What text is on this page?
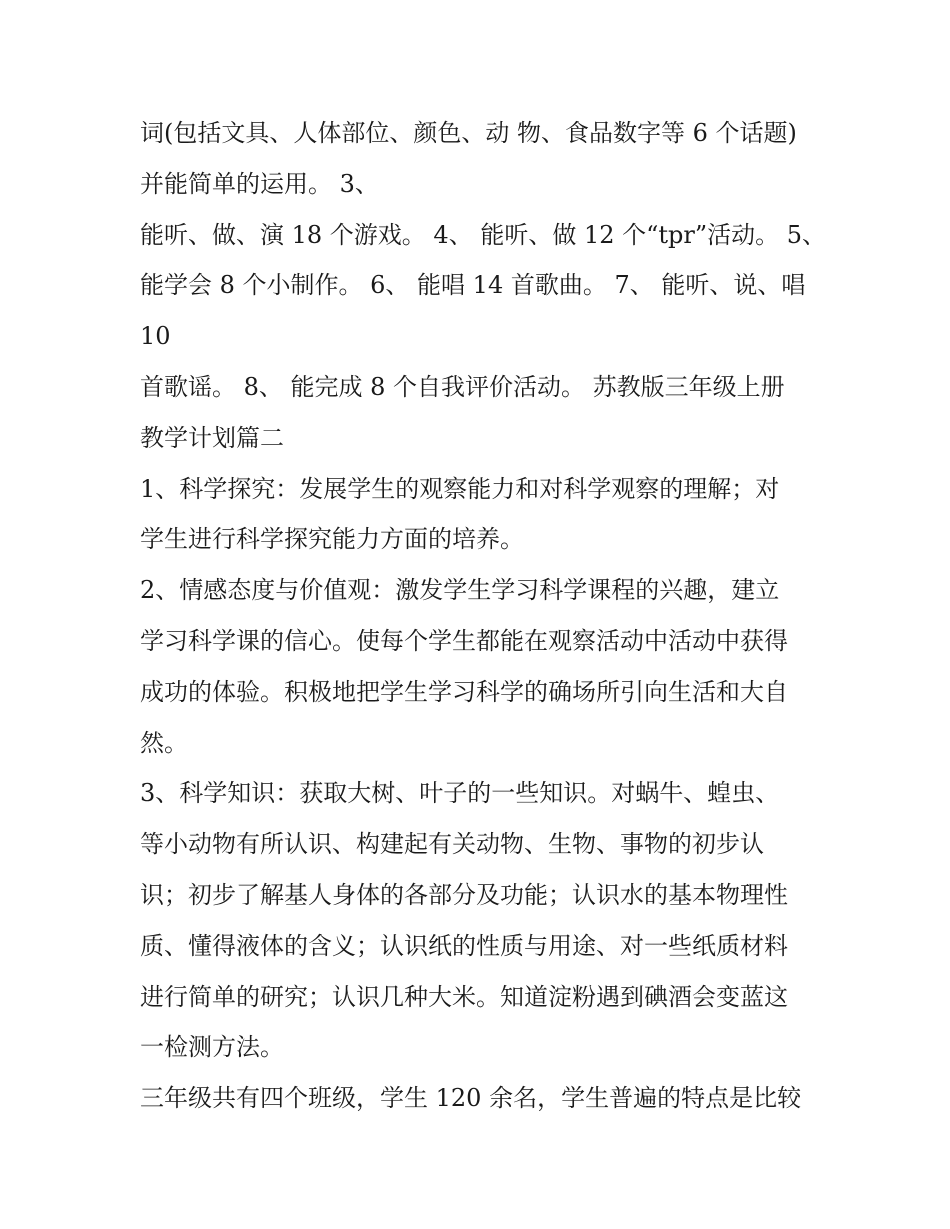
词(包括文具、人体部位、颜色、动 物、食品数字等 6 个话题)
并能简单的运用。 3、
能听、做、演 18 个游戏。 4、 能听、做 12 个“tpr”活动。 5、
能学会 8 个小制作。 6、 能唱 14 首歌曲。 7、 能听、说、唱
10
首歌谣。 8、 能完成 8 个自我评价活动。 苏教版三年级上册
教学计划篇二
1、科学探究：发展学生的观察能力和对科学观察的理解；对
学生进行科学探究能力方面的培养。
2、情感态度与价值观：激发学生学习科学课程的兴趣，建立
学习科学课的信心。使每个学生都能在观察活动中活动中获得
成功的体验。积极地把学生学习科学的确场所引向生活和大自
然。
3、科学知识：获取大树、叶子的一些知识。对蜗牛、蝗虫、
等小动物有所认识、构建起有关动物、生物、事物的初步认
识；初步了解基人身体的各部分及功能；认识水的基本物理性
质、懂得液体的含义；认识纸的性质与用途、对一些纸质材料
进行简单的研究；认识几种大米。知道淀粉遇到碘酒会变蓝这
一检测方法。
三年级共有四个班级，学生 120 余名，学生普遍的特点是比较
